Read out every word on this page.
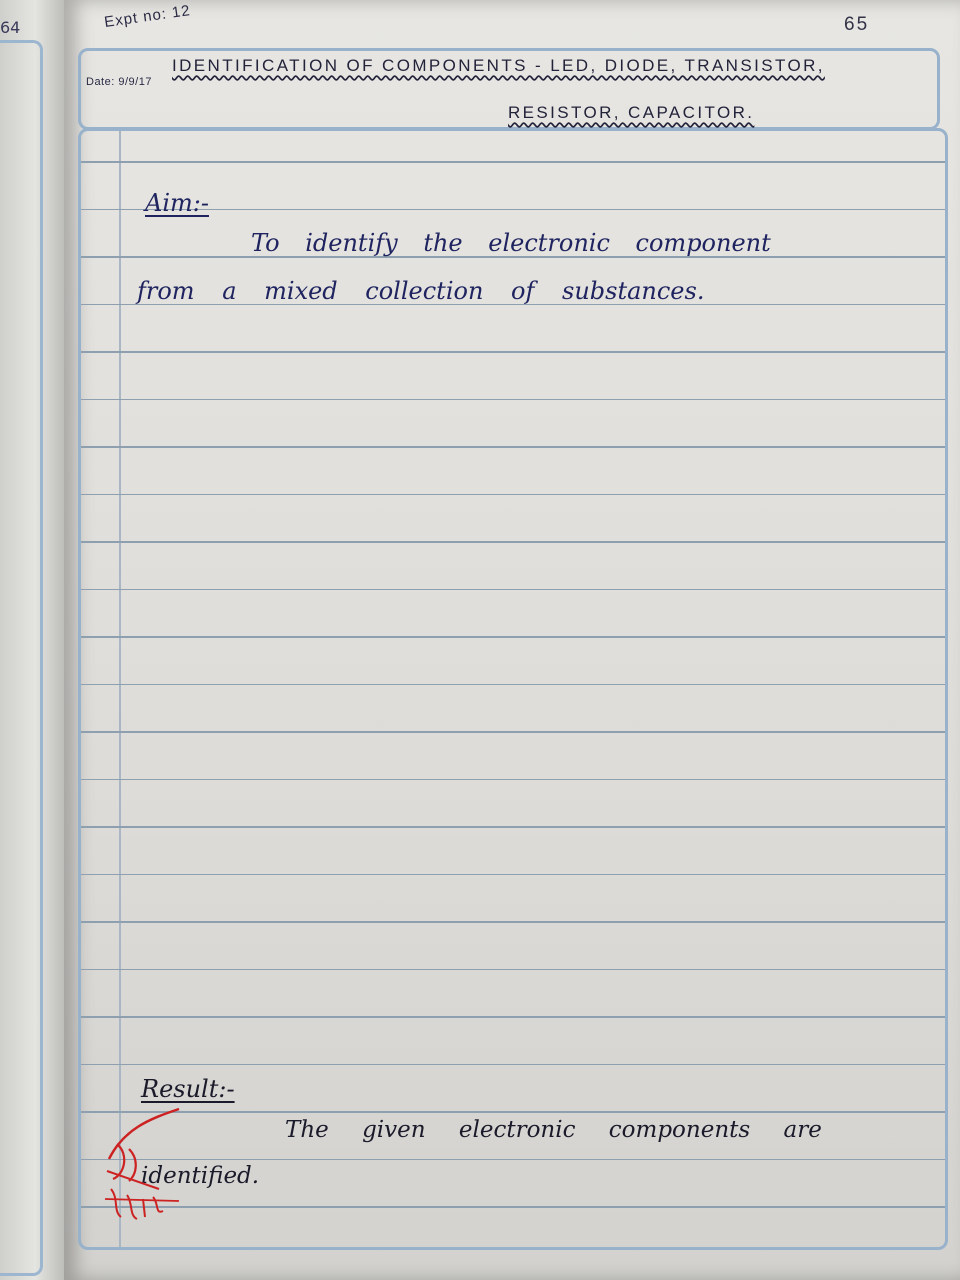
64	Expt no: 12	65
Date: 9/9/17
IDENTIFICATION OF COMPONENTS - LED, DIODE, TRANSISTOR,
RESISTOR, CAPACITOR.
Aim:-
To identify the electronic component
from a mixed collection of substances.
Result:-
The given electronic components are
identified.
